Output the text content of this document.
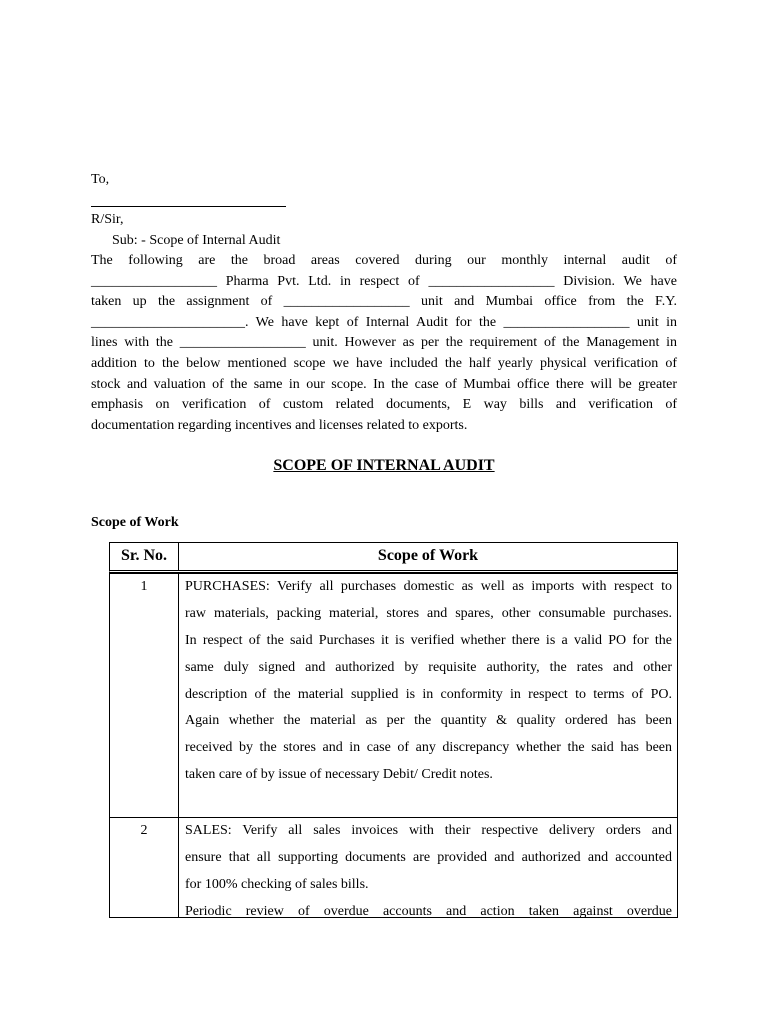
To,
R/Sir,
Sub: - Scope of Internal Audit
The following are the broad areas covered during our monthly internal audit of
__________________ Pharma Pvt. Ltd. in respect of __________________ Division. We have
taken up the assignment of __________________ unit and Mumbai office from the F.Y.
______________________. We have kept of Internal Audit for the __________________ unit in
lines with the __________________ unit. However as per the requirement of the Management in
addition to the below mentioned scope we have included the half yearly physical verification of
stock and valuation of the same in our scope. In the case of Mumbai office there will be greater
emphasis on verification of custom related documents, E way bills and verification of
documentation regarding incentives and licenses related to exports.
SCOPE OF INTERNAL AUDIT
Scope of Work
Sr. No.	Scope of Work
1	PURCHASES: Verify all purchases domestic as well as imports with respect to
raw materials, packing material, stores and spares, other consumable purchases.
In respect of the said Purchases it is verified whether there is a valid PO for the
same duly signed and authorized by requisite authority, the rates and other
description of the material supplied is in conformity in respect to terms of PO.
Again whether the material as per the quantity & quality ordered has been
received by the stores and in case of any discrepancy whether the said has been
taken care of by issue of necessary Debit/ Credit notes.
2	SALES: Verify all sales invoices with their respective delivery orders and
ensure that all supporting documents are provided and authorized and accounted
for 100% checking of sales bills.
Periodic review of overdue accounts and action taken against overdue
